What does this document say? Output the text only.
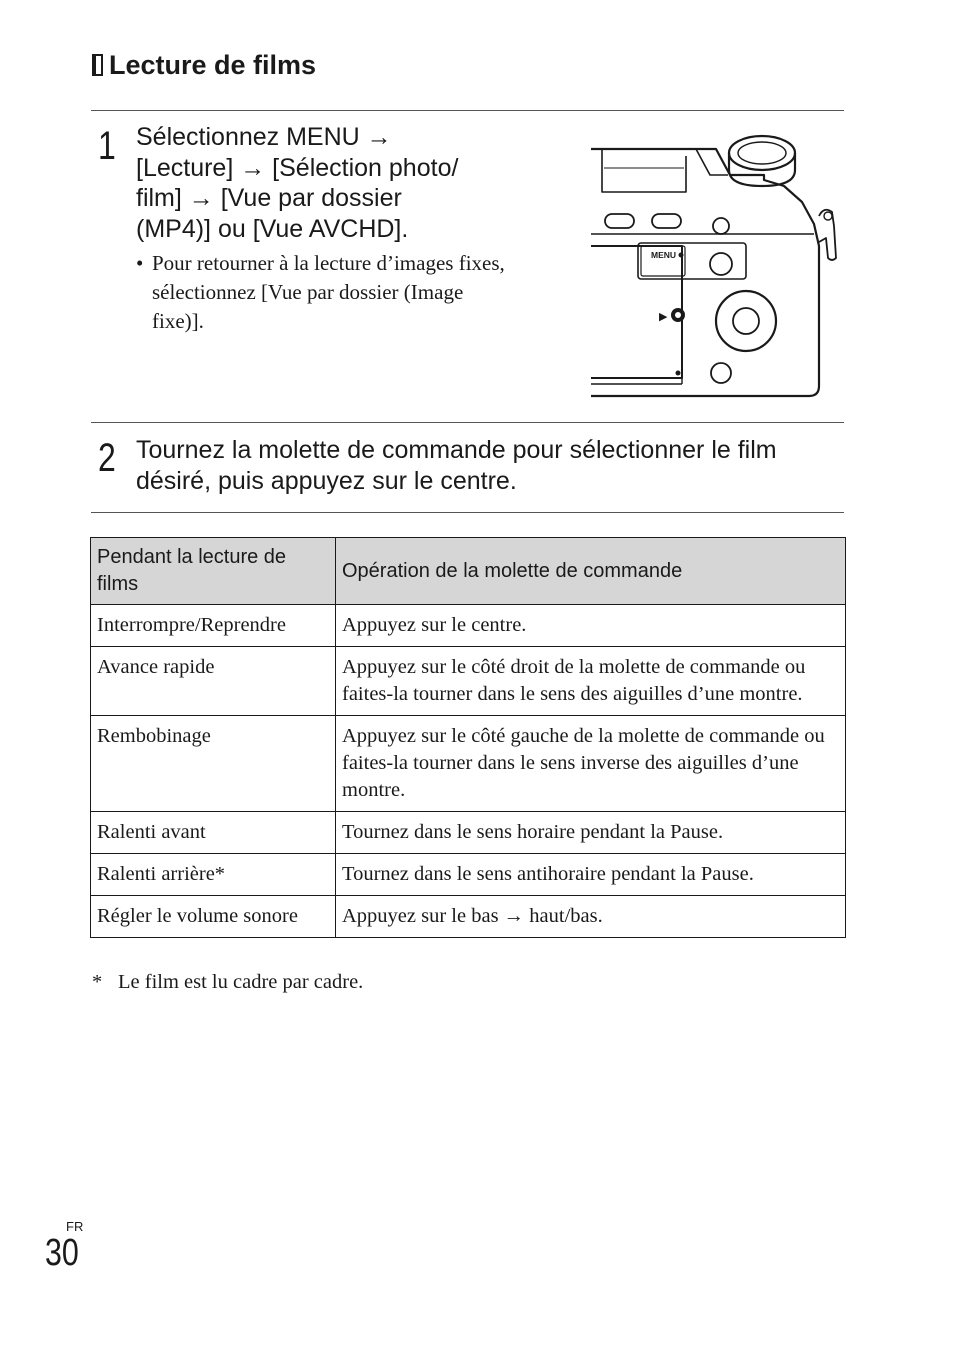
Lecture de films
1 Sélectionnez MENU →
[Lecture] → [Sélection photo/
film] → [Vue par dossier
(MP4)] ou [Vue AVCHD].

• Pour retourner à la lecture d’images fixes, sélectionnez [Vue par dossier (Image fixe)].
MENU
▶
2 Tournez la molette de commande pour sélectionner le film
désiré, puis appuyez sur le centre.

Pendant la lecture de films	Opération de la molette de commande
Interrompre/Reprendre	Appuyez sur le centre.
Avance rapide	Appuyez sur le côté droit de la molette de commande ou faites-la tourner dans le sens des aiguilles d’une montre.
Rembobinage	Appuyez sur le côté gauche de la molette de commande ou faites-la tourner dans le sens inverse des aiguilles d’une montre.
Ralenti avant	Tournez dans le sens horaire pendant la Pause.
Ralenti arrière*	Tournez dans le sens antihoraire pendant la Pause.
Régler le volume sonore	Appuyez sur le bas → haut/bas.

* Le film est lu cadre par cadre.

FR
30
